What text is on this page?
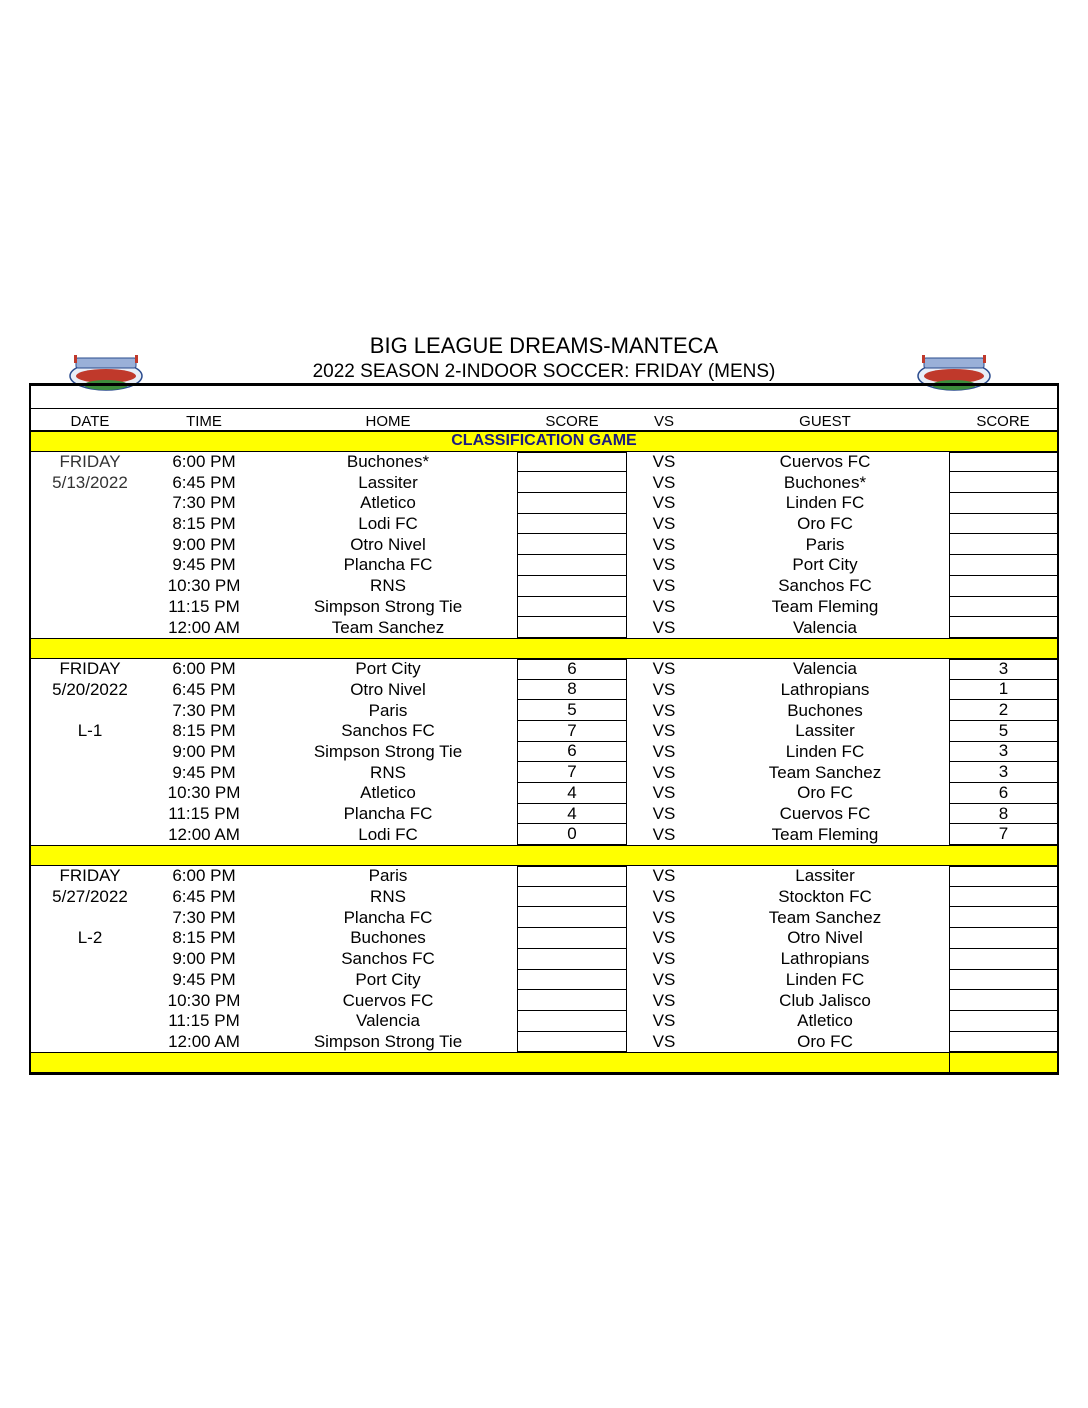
BIG LEAGUE DREAMS-MANTECA
2022 SEASON 2-INDOOR SOCCER: FRIDAY (MENS)
DATE	TIME	HOME	SCORE	VS	GUEST	SCORE
CLASSIFICATION GAME
FRIDAY	6:00 PM	Buchones*	VS	Cuervos FC
5/13/2022	6:45 PM	Lassiter	VS	Buchones*
7:30 PM	Atletico	VS	Linden FC
8:15 PM	Lodi FC	VS	Oro FC
9:00 PM	Otro Nivel	VS	Paris
9:45 PM	Plancha FC	VS	Port City
10:30 PM	RNS	VS	Sanchos FC
11:15 PM	Simpson Strong Tie	VS	Team Fleming
12:00 AM	Team Sanchez	VS	Valencia
FRIDAY	6:00 PM	Port City	6	VS	Valencia	3
5/20/2022	6:45 PM	Otro Nivel	8	VS	Lathropians	1
7:30 PM	Paris	5	VS	Buchones	2
L-1	8:15 PM	Sanchos FC	7	VS	Lassiter	5
9:00 PM	Simpson Strong Tie	6	VS	Linden FC	3
9:45 PM	RNS	7	VS	Team Sanchez	3
10:30 PM	Atletico	4	VS	Oro FC	6
11:15 PM	Plancha FC	4	VS	Cuervos FC	8
12:00 AM	Lodi FC	0	VS	Team Fleming	7
FRIDAY	6:00 PM	Paris	VS	Lassiter
5/27/2022	6:45 PM	RNS	VS	Stockton FC
7:30 PM	Plancha FC	VS	Team Sanchez
L-2	8:15 PM	Buchones	VS	Otro Nivel
9:00 PM	Sanchos FC	VS	Lathropians
9:45 PM	Port City	VS	Linden FC
10:30 PM	Cuervos FC	VS	Club Jalisco
11:15 PM	Valencia	VS	Atletico
12:00 AM	Simpson Strong Tie	VS	Oro FC
